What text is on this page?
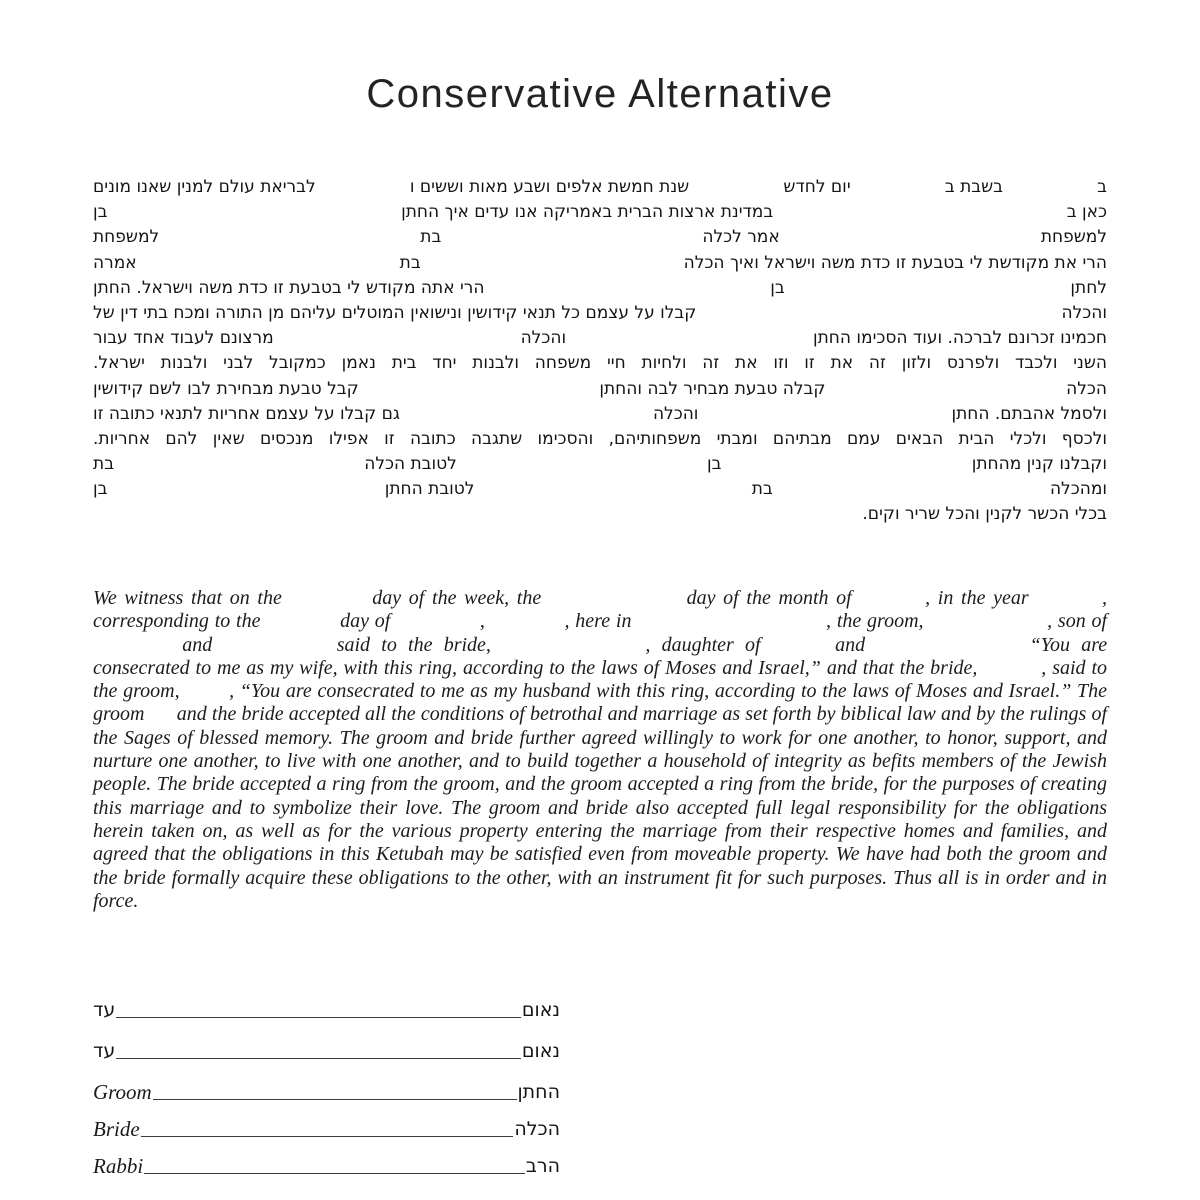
Conservative Alternative
ב
בשבת ב
יום לחדש
שנת חמשת אלפים ושבע מאות וששים ו
לבריאת עולם למנין שאנו מונים
כאן ב
במדינת ארצות הברית באמריקה אנו עדים איך החתן
בן
למשפחת
אמר לכלה
בת
למשפחת
הרי את מקודשת לי בטבעת זו כדת משה וישראל ואיך הכלה
בת
אמרה
לחתן
בן
הרי אתה מקודש לי בטבעת זו כדת משה וישראל. החתן
והכלה
קבלו על עצמם כל תנאי קידושין ונישואין המוטלים עליהם מן התורה ומכח בתי דין של
חכמינו זכרונם לברכה. ועוד הסכימו החתן
והכלה
מרצונם לעבוד אחד עבור
השני ולכבד ולפרנס ולזון זה את זו וזו את זה ולחיות חיי משפחה ולבנות יחד בית נאמן כמקובל לבני ולבנות ישראל.
הכלה
קבלה טבעת מבחיר לבה והחתן
קבל טבעת מבחירת לבו לשם קידושין
ולסמל אהבתם. החתן
והכלה
גם קבלו על עצמם אחריות לתנאי כתובה זו
ולכסף ולכלי הבית הבאים עמם מבתיהם ומבתי משפחותיהם, והסכימו שתגבה כתובה זו אפילו מנכסים שאין להם אחריות.
וקבלנו קנין מהחתן
בן
לטובת הכלה
בת
ומהכלה
בת
לטובת החתן
בן
בכלי הכשר לקנין והכל שריר וקים.
We witness that on the	day of the week, the	day of the month of	, in the year	, corresponding to the	day of	,	, here in	, the groom,	, son of  and	said to the bride,	, daughter of	and	“You are consecrated to me as my wife, with this ring, according to the laws of Moses and Israel,” and that the bride,	, said to the groom, , “You are consecrated to me as my husband with this ring, according to the laws of Moses and Israel.” The groom and the bride accepted all the conditions of betrothal and marriage as set forth by biblical law and by the rulings of the Sages of blessed memory. The groom and bride further agreed willingly to work for one another, to honor, support, and nurture one another, to live with one another, and to build together a household of integrity as befits members of the Jewish people. The bride accepted a ring from the groom, and the groom accepted a ring from the bride, for the purposes of creating this marriage and to symbolize their love. The groom and bride also accepted full legal responsibility for the obligations herein taken on, as well as for the various property entering the marriage from their respective homes and families, and agreed that the obligations in this Ketubah may be satisfied even from moveable property. We have had both the groom and the bride formally acquire these obligations to the other, with an instrument fit for such purposes. Thus all is in order and in force.
עד	נאום
עד	נאום
Groom	החתן
Bride	הכלה
Rabbi	הרב
